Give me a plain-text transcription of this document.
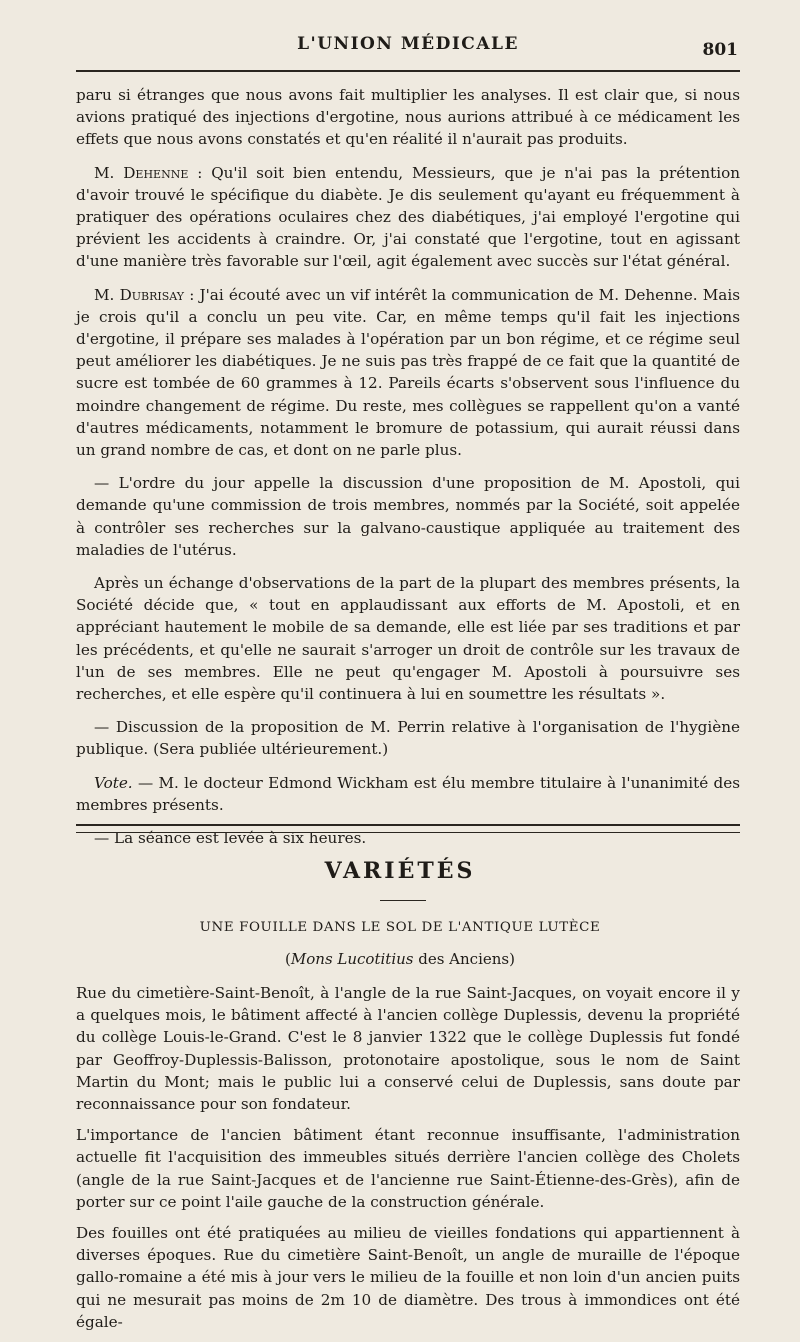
L'UNION MÉDICALE	801

paru si étranges que nous avons fait multiplier les analyses. Il est clair que, si nous avions pratiqué des injections d'ergotine, nous aurions attribué à ce médicament les effets que nous avons constatés et qu'en réalité il n'aurait pas produits.

M. Dehenne : Qu'il soit bien entendu, Messieurs, que je n'ai pas la prétention d'avoir trouvé le spécifique du diabète. Je dis seulement qu'ayant eu fréquemment à pratiquer des opérations oculaires chez des diabétiques, j'ai employé l'ergotine qui prévient les accidents à craindre. Or, j'ai constaté que l'ergotine, tout en agissant d'une manière très favorable sur l'œil, agit également avec succès sur l'état général.

M. Dubrisay : J'ai écouté avec un vif intérêt la communication de M. Dehenne. Mais je crois qu'il a conclu un peu vite. Car, en même temps qu'il fait les injections d'ergotine, il prépare ses malades à l'opération par un bon régime, et ce régime seul peut améliorer les diabétiques. Je ne suis pas très frappé de ce fait que la quantité de sucre est tombée de 60 grammes à 12. Pareils écarts s'observent sous l'influence du moindre changement de régime. Du reste, mes collègues se rappellent qu'on a vanté d'autres médicaments, notamment le bromure de potassium, qui aurait réussi dans un grand nombre de cas, et dont on ne parle plus.

— L'ordre du jour appelle la discussion d'une proposition de M. Apostoli, qui demande qu'une commission de trois membres, nommés par la Société, soit appelée à contrôler ses recherches sur la galvano-caustique appliquée au traitement des maladies de l'utérus.

Après un échange d'observations de la part de la plupart des membres présents, la Société décide que, « tout en applaudissant aux efforts de M. Apostoli, et en appréciant hautement le mobile de sa demande, elle est liée par ses traditions et par les précédents, et qu'elle ne saurait s'arroger un droit de contrôle sur les travaux de l'un de ses membres. Elle ne peut qu'engager M. Apostoli à poursuivre ses recherches, et elle espère qu'il continuera à lui en soumettre les résultats ».

— Discussion de la proposition de M. Perrin relative à l'organisation de l'hygiène publique. (Sera publiée ultérieurement.)

Vote. — M. le docteur Edmond Wickham est élu membre titulaire à l'unanimité des membres présents.

— La séance est levée à six heures.

VARIÉTÉS
UNE FOUILLE DANS LE SOL DE L'ANTIQUE LUTÈCE
(Mons Lucotitius des Anciens)

Rue du cimetière-Saint-Benoît, à l'angle de la rue Saint-Jacques, on voyait encore il y a quelques mois, le bâtiment affecté à l'ancien collège Duplessis, devenu la propriété du collège Louis-le-Grand. C'est le 8 janvier 1322 que le collège Duplessis fut fondé par Geoffroy-Duplessis-Balisson, protonotaire apostolique, sous le nom de Saint Martin du Mont; mais le public lui a conservé celui de Duplessis, sans doute par reconnaissance pour son fondateur.

L'importance de l'ancien bâtiment étant reconnue insuffisante, l'administration actuelle fit l'acquisition des immeubles situés derrière l'ancien collège des Cholets (angle de la rue Saint-Jacques et de l'ancienne rue Saint-Étienne-des-Grès), afin de porter sur ce point l'aile gauche de la construction générale.

Des fouilles ont été pratiquées au milieu de vieilles fondations qui appartiennent à diverses époques. Rue du cimetière Saint-Benoît, un angle de muraille de l'époque gallo-romaine a été mis à jour vers le milieu de la fouille et non loin d'un ancien puits qui ne mesurait pas moins de 2m 10 de diamètre. Des trous à immondices ont été égale-
